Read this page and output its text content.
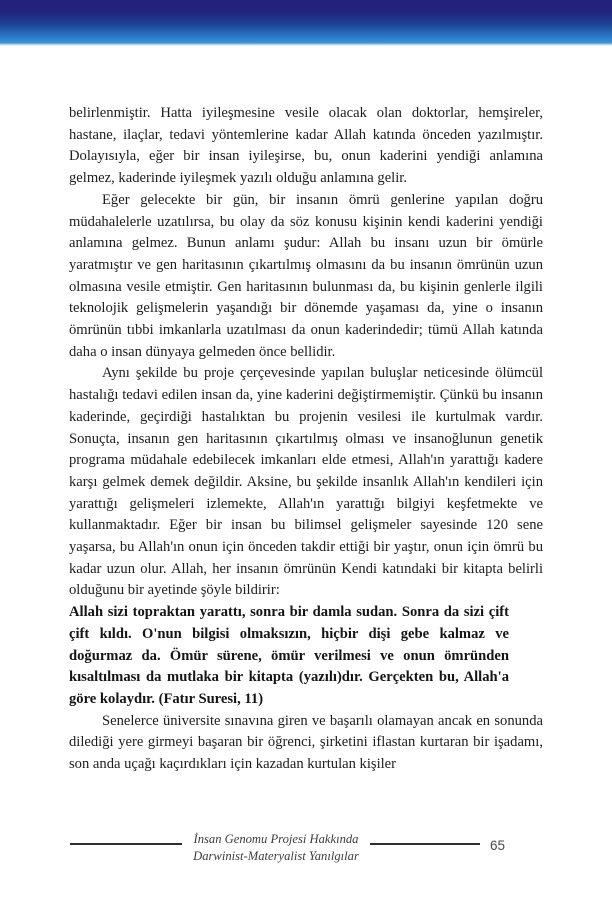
belirlenmiştir. Hatta iyileşmesine vesile olacak olan doktorlar, hemşireler, hastane, ilaçlar, tedavi yöntemlerine kadar Allah katında önceden yazılmıştır. Dolayısıyla, eğer bir insan iyileşirse, bu, onun kaderini yendiği anlamına gelmez, kaderinde iyileşmek yazılı olduğu anlamına gelir.

Eğer gelecekte bir gün, bir insanın ömrü genlerine yapılan doğru müdahalelerle uzatılırsa, bu olay da söz konusu kişinin kendi kaderini yendiği anlamına gelmez. Bunun anlamı şudur: Allah bu insanı uzun bir ömürle yaratmıştır ve gen haritasının çıkartılmış olmasını da bu insanın ömrünün uzun olmasına vesile etmiştir. Gen haritasının bulunması da, bu kişinin genlerle ilgili teknolojik gelişmelerin yaşandığı bir dönemde yaşaması da, yine o insanın ömrünün tıbbi imkanlarla uzatılması da onun kaderindedir; tümü Allah katında daha o insan dünyaya gelmeden önce bellidir.

Aynı şekilde bu proje çerçevesinde yapılan buluşlar neticesinde ölümcül hastalığı tedavi edilen insan da, yine kaderini değiştirmemiştir. Çünkü bu insanın kaderinde, geçirdiği hastalıktan bu projenin vesilesi ile kurtulmak vardır. Sonuçta, insanın gen haritasının çıkartılmış olması ve insanoğlunun genetik programa müdahale edebilecek imkanları elde etmesi, Allah'ın yarattığı kadere karşı gelmek demek değildir. Aksine, bu şekilde insanlık Allah'ın kendileri için yarattığı gelişmeleri izlemekte, Allah'ın yarattığı bilgiyi keşfetmekte ve kullanmaktadır. Eğer bir insan bu bilimsel gelişmeler sayesinde 120 sene yaşarsa, bu Allah'ın onun için önceden takdir ettiği bir yaştır, onun için ömrü bu kadar uzun olur. Allah, her insanın ömrünün Kendi katındaki bir kitapta belirli olduğunu bir ayetinde şöyle bildirir:

Allah sizi topraktan yarattı, sonra bir damla sudan. Sonra da sizi çift çift kıldı. O'nun bilgisi olmaksızın, hiçbir dişi gebe kalmaz ve doğurmaz da. Ömür sürene, ömür verilmesi ve onun ömründen kısaltılması da mutlaka bir kitapta (yazılı)dır. Gerçekten bu, Allah'a göre kolaydır. (Fatır Suresi, 11)

Senelerce üniversite sınavına giren ve başarılı olamayan ancak en sonunda dilediği yere girmeyi başaran bir öğrenci, şirketini iflastan kurtaran bir işadamı, son anda uçağı kaçırdıkları için kazadan kurtulan kişiler

İnsan Genomu Projesi Hakkında
Darwinist-Materyalist Yanılgılar
65
